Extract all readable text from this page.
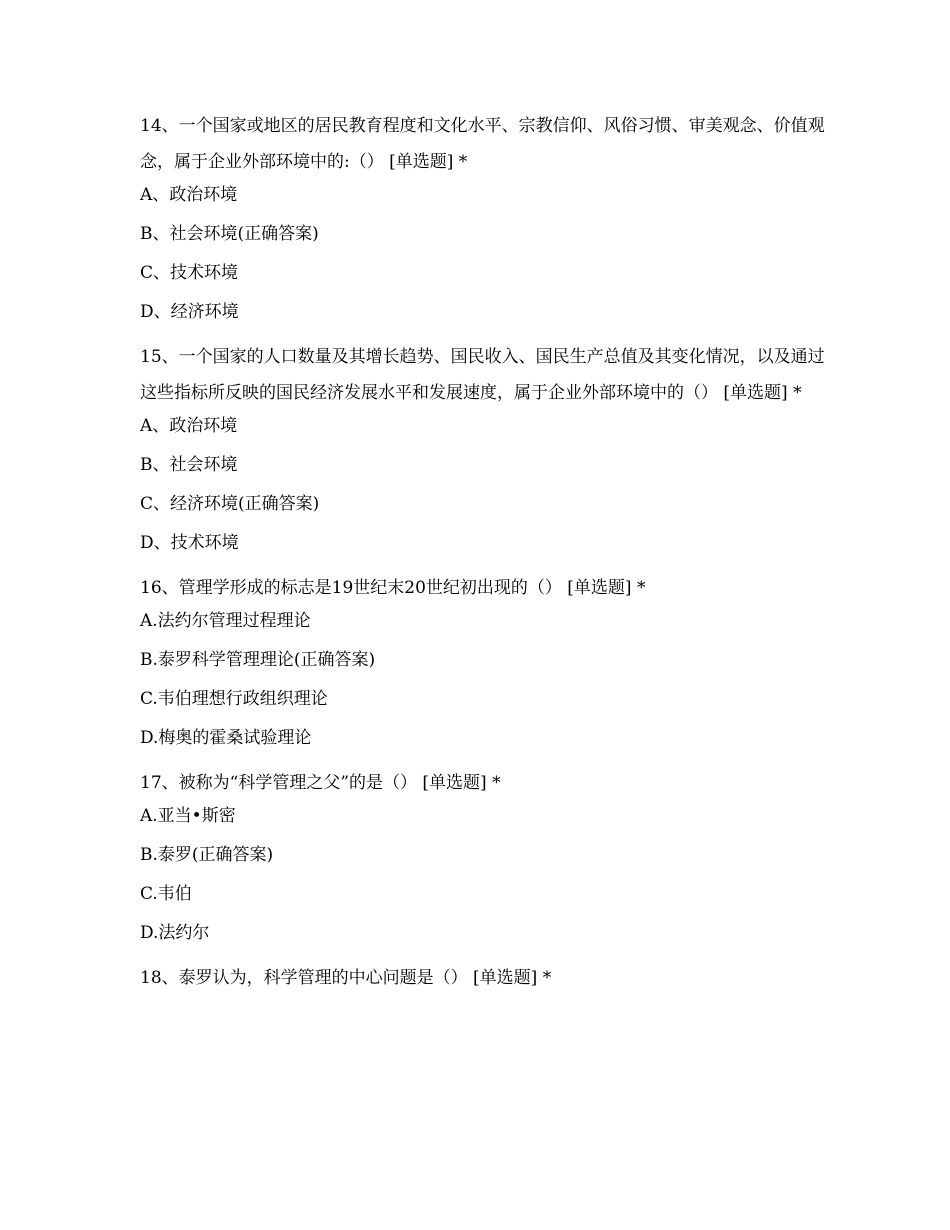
14、一个国家或地区的居民教育程度和文化水平、宗教信仰、风俗习惯、审美观念、价值观念，属于企业外部环境中的:（） [单选题] *

A、政治环境

B、社会环境(正确答案)

C、技术环境

D、经济环境

15、一个国家的人口数量及其增长趋势、国民收入、国民生产总值及其变化情况，以及通过这些指标所反映的国民经济发展水平和发展速度，属于企业外部环境中的（） [单选题] *

A、政治环境

B、社会环境

C、经济环境(正确答案)

D、技术环境

16、管理学形成的标志是19世纪末20世纪初出现的（） [单选题] *

A.法约尔管理过程理论

B.泰罗科学管理理论(正确答案)

C.韦伯理想行政组织理论

D.梅奥的霍桑试验理论

17、被称为“科学管理之父”的是（） [单选题] *

A.亚当•斯密

B.泰罗(正确答案)

C.韦伯

D.法约尔

18、泰罗认为，科学管理的中心问题是（） [单选题] *
